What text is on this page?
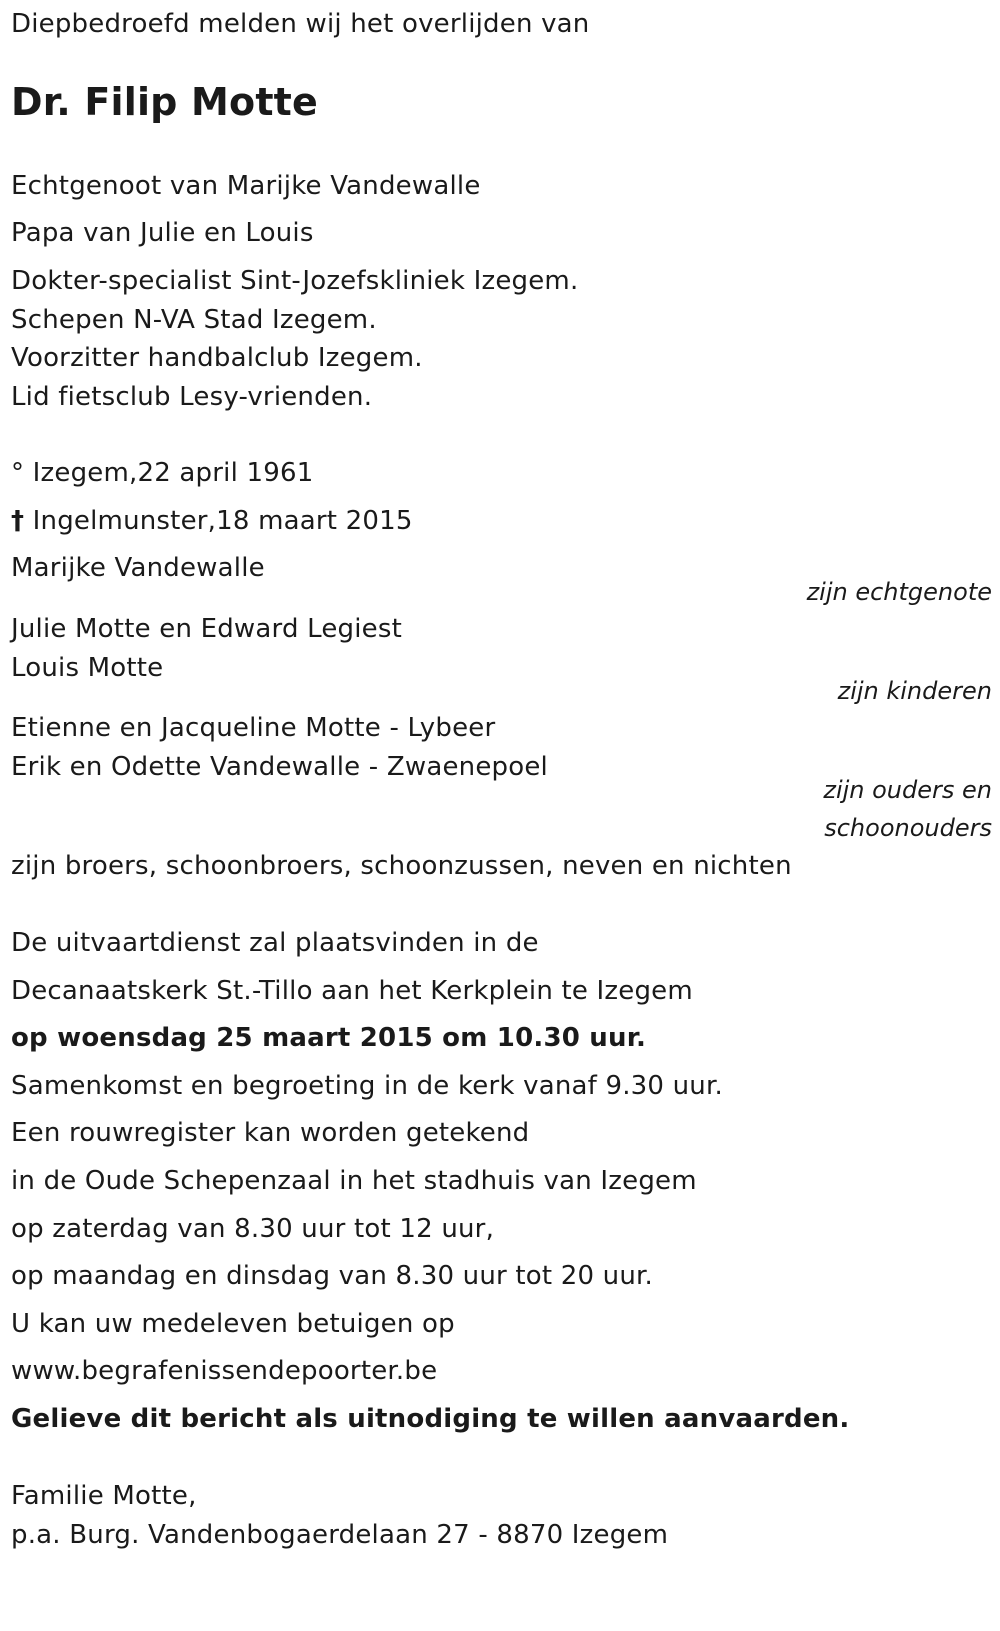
Diepbedroefd melden wij het overlijden van
Dr. Filip Motte
Echtgenoot van Marijke Vandewalle
Papa van Julie en Louis
Dokter-specialist Sint-Jozefskliniek Izegem.
Schepen N-VA Stad Izegem.
Voorzitter handbalclub Izegem.
Lid fietsclub Lesy-vrienden.
° Izegem,22 april 1961
† Ingelmunster,18 maart 2015
Marijke Vandewalle
zijn echtgenote
Julie Motte en Edward Legiest
Louis Motte
zijn kinderen
Etienne en Jacqueline Motte - Lybeer
Erik en Odette Vandewalle - Zwaenepoel
zijn ouders en
schoonouders
zijn broers, schoonbroers, schoonzussen, neven en nichten
De uitvaartdienst zal plaatsvinden in de
Decanaatskerk St.-Tillo aan het Kerkplein te Izegem
op woensdag 25 maart 2015 om 10.30 uur.
Samenkomst en begroeting in de kerk vanaf 9.30 uur.
Een rouwregister kan worden getekend
in de Oude Schepenzaal in het stadhuis van Izegem
op zaterdag van 8.30 uur tot 12 uur,
op maandag en dinsdag van 8.30 uur tot 20 uur.
U kan uw medeleven betuigen op
www.begrafenissendepoorter.be
Gelieve dit bericht als uitnodiging te willen aanvaarden.
Familie Motte,
p.a. Burg. Vandenbogaerdelaan 27 - 8870 Izegem
